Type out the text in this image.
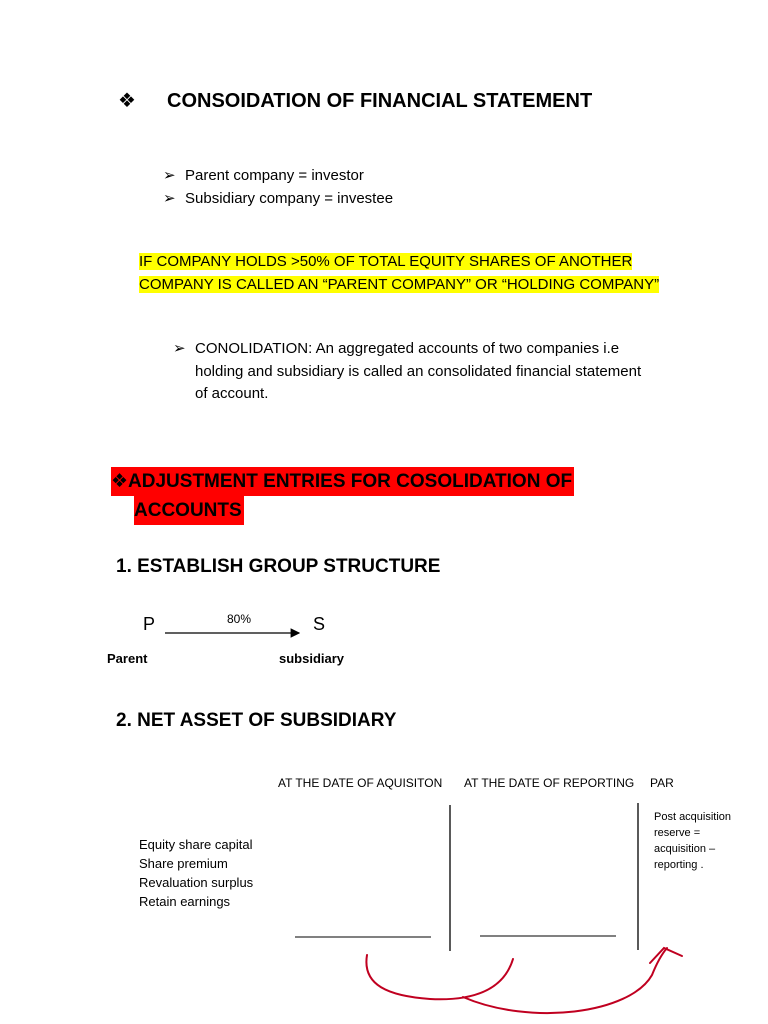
❖ CONSOIDATION OF FINANCIAL STATEMENT
➢ Parent company = investor
➢ Subsidiary company = investee
IF COMPANY HOLDS >50% OF TOTAL EQUITY SHARES OF ANOTHER
COMPANY IS CALLED AN “PARENT COMPANY” OR “HOLDING COMPANY”
➢ CONOLIDATION: An aggregated accounts of two companies i.e holding and subsidiary is called an consolidated financial statement of account.
❖ADJUSTMENT ENTRIES FOR COSOLIDATION OF
ACCOUNTS
1. ESTABLISH GROUP STRUCTURE
P	80%	S
Parent	subsidiary
2. NET ASSET OF SUBSIDIARY
AT THE DATE OF AQUISITON AT THE DATE OF REPORTING PAR
Equity share capital
Share premium
Revaluation surplus
Retain earnings
Post acquisition reserve = acquisition – reporting .
